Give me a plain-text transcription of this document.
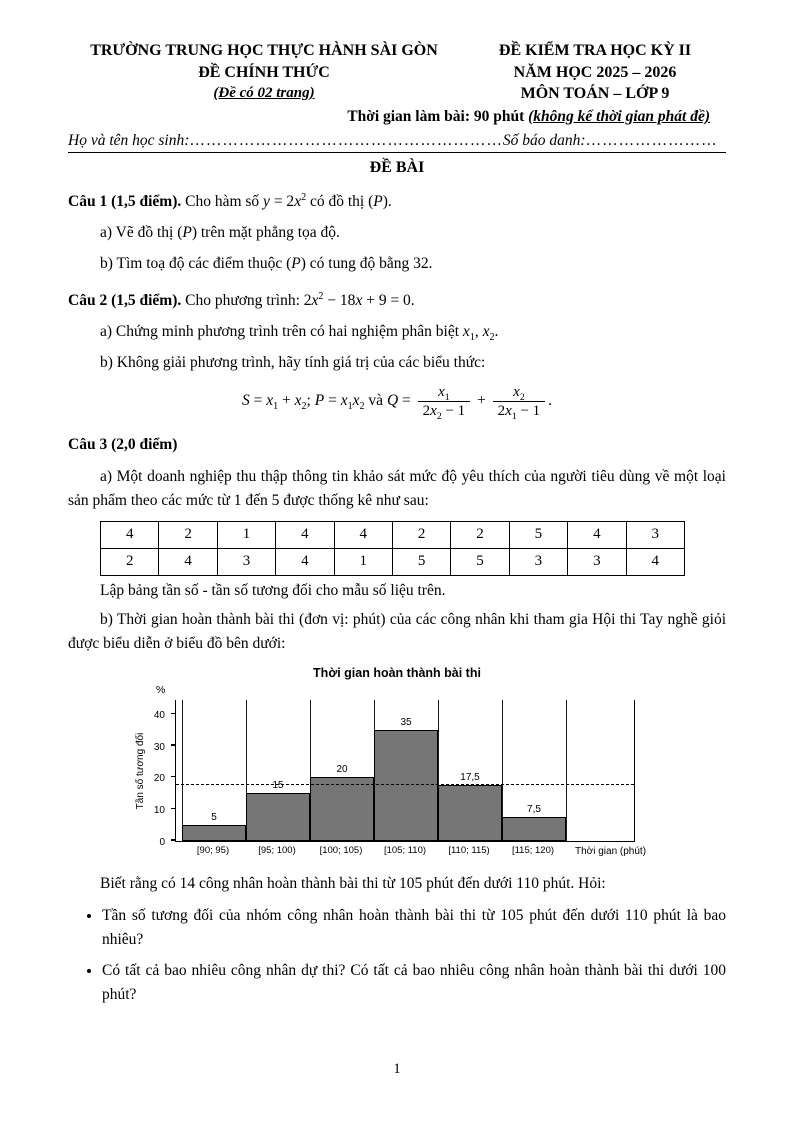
TRƯỜNG TRUNG HỌC THỰC HÀNH SÀI GÒN
ĐỀ CHÍNH THỨC
(Đề có 02 trang)
ĐỀ KIỂM TRA HỌC KỲ II
NĂM HỌC 2025 – 2026
MÔN TOÁN – LỚP 9
Thời gian làm bài: 90 phút (không kể thời gian phát đề)
Họ và tên học sinh:…………………………………………………Số báo danh:……………………
ĐỀ BÀI

Câu 1 (1,5 điểm). Cho hàm số $y = 2x^2$ có đồ thị (P).

a) Vẽ đồ thị (P) trên mặt phẳng tọa độ.

b) Tìm toạ độ các điểm thuộc (P) có tung độ bằng 32.

Câu 2 (1,5 điểm). Cho phương trình: $2x^2 - 18x + 9 = 0$.

a) Chứng minh phương trình trên có hai nghiệm phân biệt $x_1$, $x_2$.

b) Không giải phương trình, hãy tính giá trị của các biểu thức:

$S = x_1 + x_2$; $P = x_1x_2$ và $Q = \frac{x_1}{2x_2 - 1} + \frac{x_2}{2x_1 - 1}$ .

Câu 3 (2,0 điểm)

a) Một doanh nghiệp thu thập thông tin khảo sát mức độ yêu thích của người tiêu dùng về một loại sản phẩm theo các mức từ 1 đến 5 được thống kê như sau:

4	2	1	4	4	2	2	5	4	3
2	4	3	4	1	5	5	3	3	4

Lập bảng tần số - tần số tương đối cho mẫu số liệu trên.

b) Thời gian hoàn thành bài thi (đơn vị: phút) của các công nhân khi tham gia Hội thi Tay nghề giỏi được biểu diễn ở biểu đồ bên dưới:

Thời gian hoàn thành bài thi
Tần số tương đối
%
0
10
20
30
40
5
15
20
35
17,5
7,5
[90; 95)	[95; 100)	[100; 105)	[105; 110)	[110; 115)	[115; 120)	Thời gian (phút)

Biết rằng có 14 công nhân hoàn thành bài thi từ 105 phút đến dưới 110 phút. Hỏi:

• Tần số tương đối của nhóm công nhân hoàn thành bài thi từ 105 phút đến dưới 110 phút là bao nhiêu?
• Có tất cả bao nhiêu công nhân dự thi? Có tất cả bao nhiêu công nhân hoàn thành bài thi dưới 100 phút?
1
